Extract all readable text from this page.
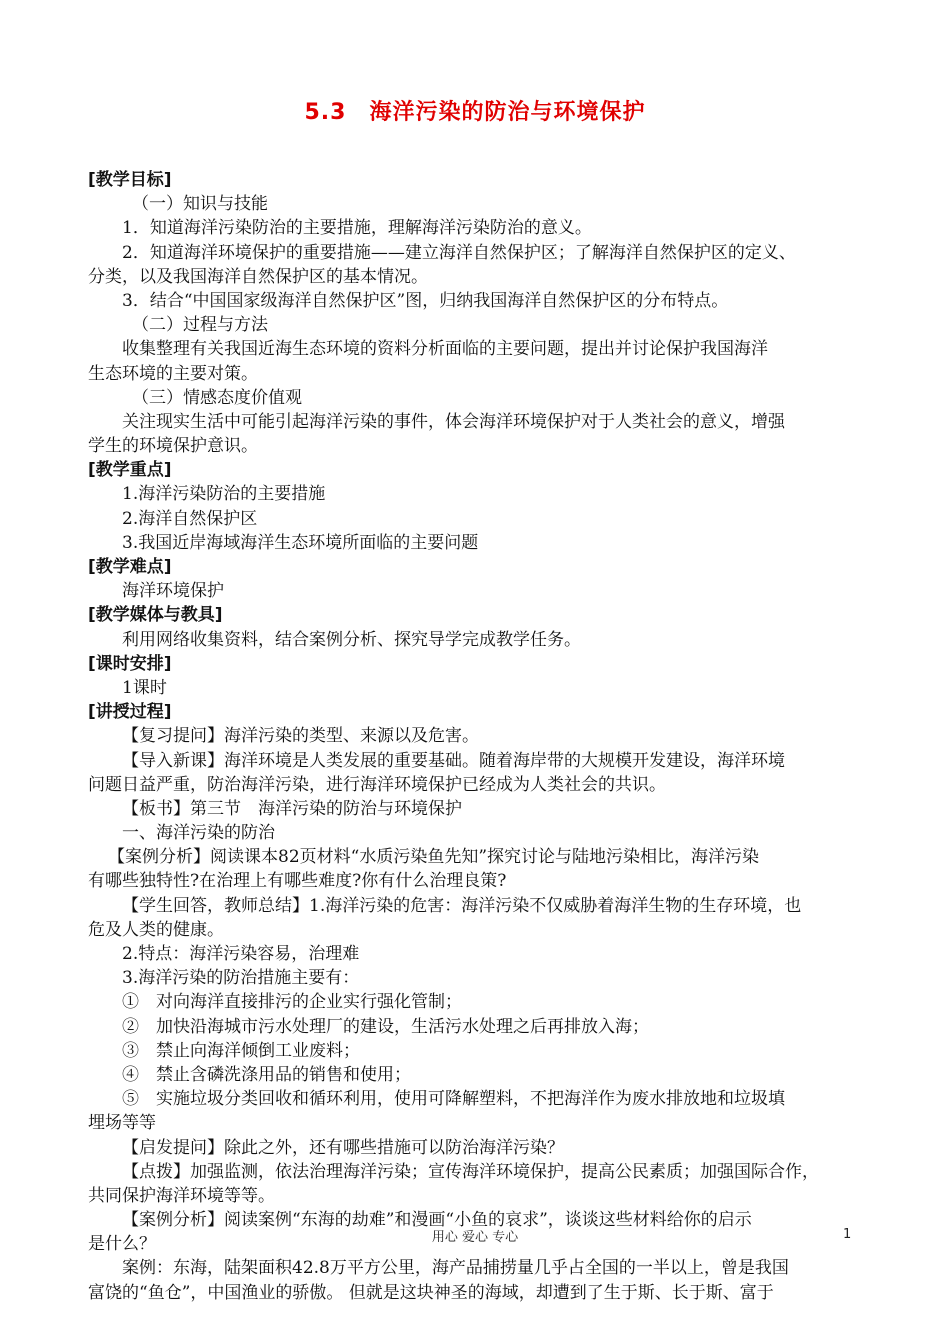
5.3　海洋污染的防治与环境保护

[教学目标]

（一）知识与技能

1．知道海洋污染防治的主要措施，理解海洋污染防治的意义。

2．知道海洋环境保护的重要措施——建立海洋自然保护区；了解海洋自然保护区的定义、

分类，以及我国海洋自然保护区的基本情况。

3．结合“中国国家级海洋自然保护区”图，归纳我国海洋自然保护区的分布特点。

（二）过程与方法

收集整理有关我国近海生态环境的资料分析面临的主要问题，提出并讨论保护我国海洋

生态环境的主要对策。

（三）情感态度价值观

关注现实生活中可能引起海洋污染的事件，体会海洋环境保护对于人类社会的意义，增强

学生的环境保护意识。

[教学重点]

1.海洋污染防治的主要措施

2.海洋自然保护区

3.我国近岸海域海洋生态环境所面临的主要问题

[教学难点]

海洋环境保护

[教学媒体与教具]

利用网络收集资料，结合案例分析、探究导学完成教学任务。

[课时安排]

1课时

[讲授过程]

【复习提问】海洋污染的类型、来源以及危害。

【导入新课】海洋环境是人类发展的重要基础。随着海岸带的大规模开发建设，海洋环境

问题日益严重，防治海洋污染，进行海洋环境保护已经成为人类社会的共识。

【板书】第三节　海洋污染的防治与环境保护

一、海洋污染的防治

【案例分析】阅读课本82页材料“水质污染鱼先知”探究讨论与陆地污染相比，海洋污染

有哪些独特性?在治理上有哪些难度?你有什么治理良策?

【学生回答，教师总结】1.海洋污染的危害：海洋污染不仅威胁着海洋生物的生存环境，也

危及人类的健康。

2.特点：海洋污染容易，治理难

3.海洋污染的防治措施主要有：

①　对向海洋直接排污的企业实行强化管制；

②　加快沿海城市污水处理厂的建设，生活污水处理之后再排放入海；

③　禁止向海洋倾倒工业废料；

④　禁止含磷洗涤用品的销售和使用；

⑤　实施垃圾分类回收和循环利用，使用可降解塑料，不把海洋作为废水排放地和垃圾填

埋场等等

【启发提问】除此之外，还有哪些措施可以防治海洋污染？

【点拨】加强监测，依法治理海洋污染；宣传海洋环境保护，提高公民素质；加强国际合作，

共同保护海洋环境等等。

【案例分析】阅读案例“东海的劫难”和漫画“小鱼的哀求”，谈谈这些材料给你的启示

是什么？

案例：东海，陆架面积42.8万平方公里，海产品捕捞量几乎占全国的一半以上，曾是我国

富饶的“鱼仓”，中国渔业的骄傲。 但就是这块神圣的海域，却遭到了生于斯、长于斯、富于

用心 爱心 专心	1
